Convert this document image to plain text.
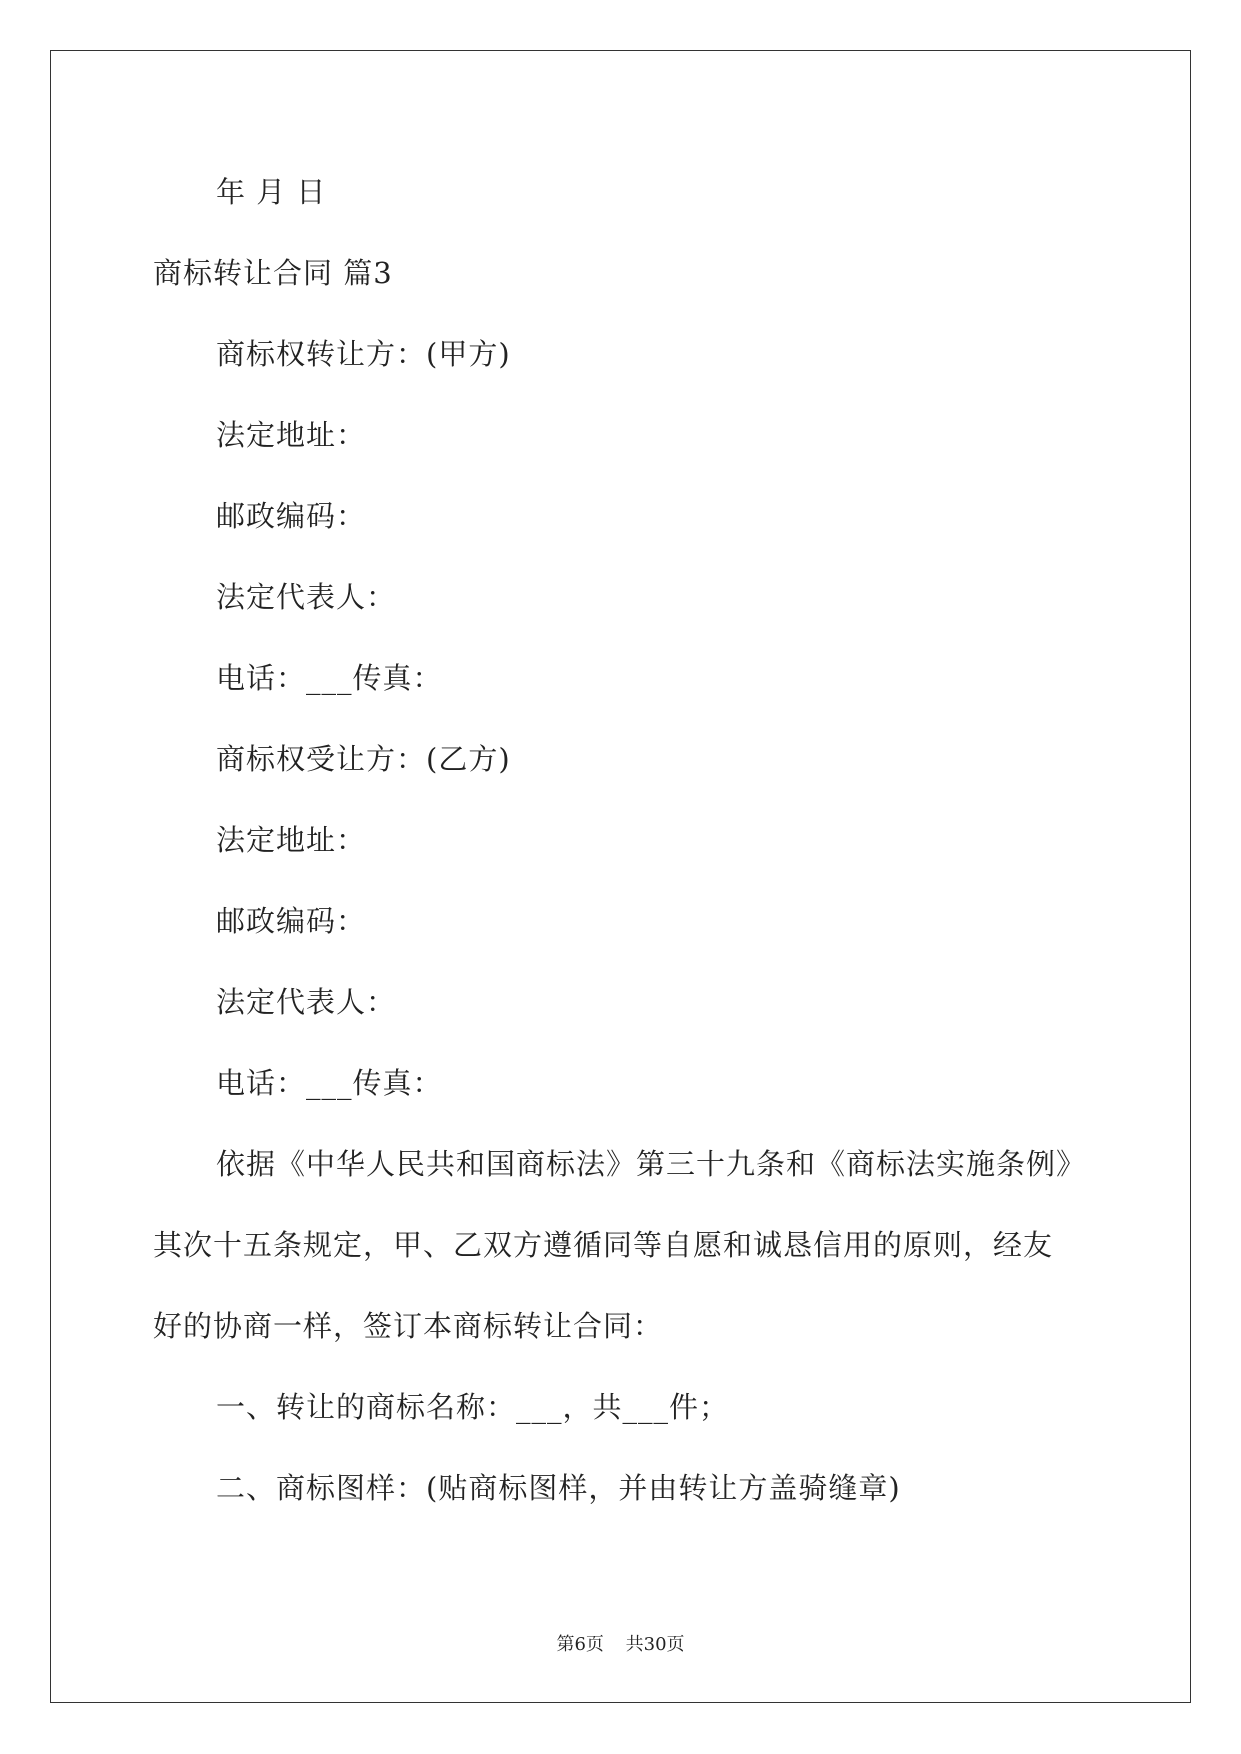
年 月 日
商标转让合同 篇3
商标权转让方：(甲方)
法定地址：
邮政编码：
法定代表人：
电话：___传真：
商标权受让方：(乙方)
法定地址：
邮政编码：
法定代表人：
电话：___传真：
依据《中华人民共和国商标法》第三十九条和《商标法实施条例》
其次十五条规定，甲、乙双方遵循同等自愿和诚恳信用的原则，经友
好的协商一样，签订本商标转让合同：
一、转让的商标名称：___，共___件；
二、商标图样：(贴商标图样，并由转让方盖骑缝章)
第6页 共30页
